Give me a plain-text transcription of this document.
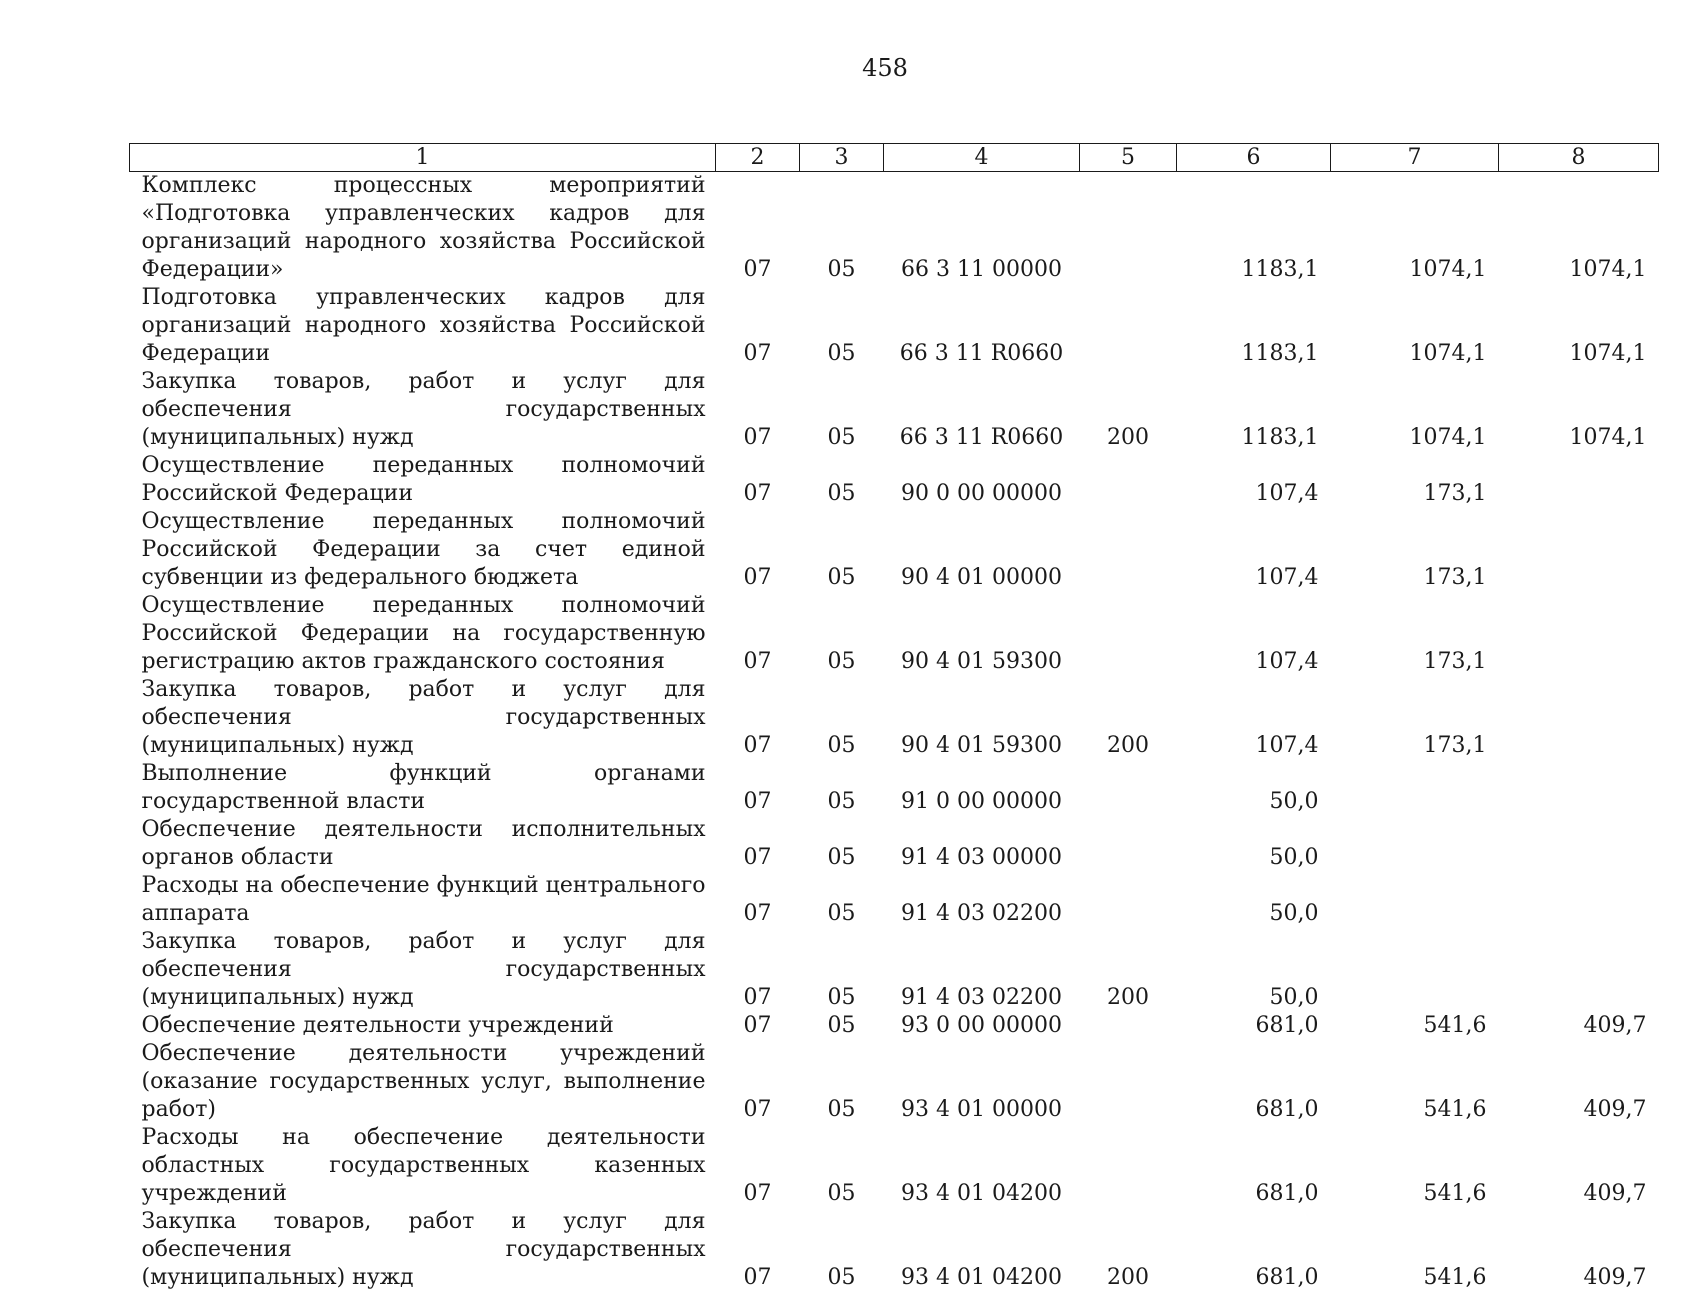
458
1	2	3	4	5	6	7	8
Комплекс процессных мероприятий «Подготовка управленческих кадров для организаций народного хозяйства Российской Федерации»	07	05	66 3 11 00000		1183,1	1074,1	1074,1
Подготовка управленческих кадров для организаций народного хозяйства Российской Федерации	07	05	66 3 11 R0660		1183,1	1074,1	1074,1
Закупка товаров, работ и услуг для обеспечения государственных (муниципальных) нужд	07	05	66 3 11 R0660	200	1183,1	1074,1	1074,1
Осуществление переданных полномочий Российской Федерации	07	05	90 0 00 00000		107,4	173,1	
Осуществление переданных полномочий Российской Федерации за счет единой субвенции из федерального бюджета	07	05	90 4 01 00000		107,4	173,1	
Осуществление переданных полномочий Российской Федерации на государственную регистрацию актов гражданского состояния	07	05	90 4 01 59300		107,4	173,1	
Закупка товаров, работ и услуг для обеспечения государственных (муниципальных) нужд	07	05	90 4 01 59300	200	107,4	173,1	
Выполнение функций органами государственной власти	07	05	91 0 00 00000		50,0		
Обеспечение деятельности исполнительных органов области	07	05	91 4 03 00000		50,0		
Расходы на обеспечение функций центрального аппарата	07	05	91 4 03 02200		50,0		
Закупка товаров, работ и услуг для обеспечения государственных (муниципальных) нужд	07	05	91 4 03 02200	200	50,0		
Обеспечение деятельности учреждений	07	05	93 0 00 00000		681,0	541,6	409,7
Обеспечение деятельности учреждений (оказание государственных услуг, выполнение работ)	07	05	93 4 01 00000		681,0	541,6	409,7
Расходы на обеспечение деятельности областных государственных казенных учреждений	07	05	93 4 01 04200		681,0	541,6	409,7
Закупка товаров, работ и услуг для обеспечения государственных (муниципальных) нужд	07	05	93 4 01 04200	200	681,0	541,6	409,7
